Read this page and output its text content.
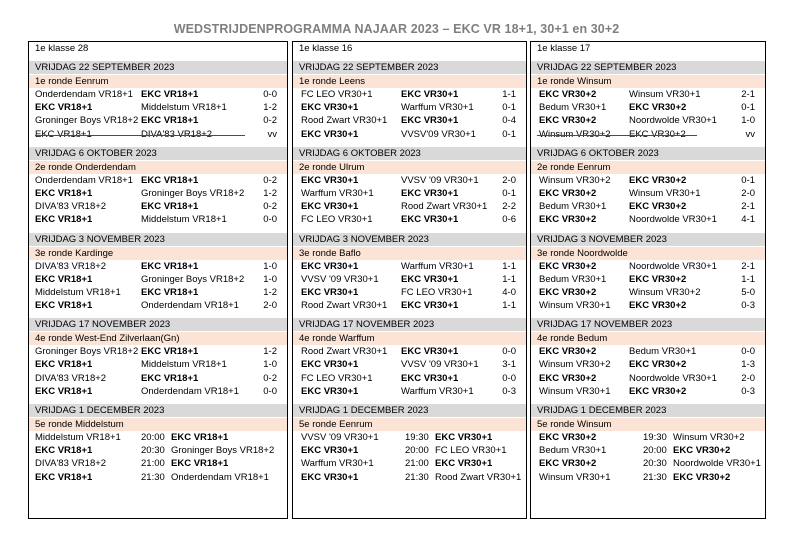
WEDSTRIJDENPROGRAMMA NAJAAR 2023 – EKC VR 18+1, 30+1 en 30+2
1e klasse 28
VRIJDAG 22 SEPTEMBER 2023
1e ronde Eenrum
Onderdendam VR18+1 EKC VR18+1	0-0
EKC VR18+1	Middelstum VR18+1	1-2
Groninger Boys VR18+2 EKC VR18+1	0-2
EKC VR18+1	DIVA'83 VR18+2	vv
VRIJDAG 6 OKTOBER 2023
2e ronde Onderdendam
Onderdendam VR18+1 EKC VR18+1	0-2
EKC VR18+1	Groninger Boys VR18+2 1-2
DIVA'83 VR18+2	EKC VR18+1	0-2
EKC VR18+1	Middelstum VR18+1	0-0
VRIJDAG 3 NOVEMBER 2023
3e ronde Kardinge
DIVA'83 VR18+2	EKC VR18+1	1-0
EKC VR18+1	Groninger Boys VR18+2 1-0
Middelstum VR18+1 EKC VR18+1	1-2
EKC VR18+1	Onderdendam VR18+1	2-0
VRIJDAG 17 NOVEMBER 2023
4e ronde West-End Zilverlaan(Gn)
Groninger Boys VR18+2 EKC VR18+1	1-2
EKC VR18+1	Middelstum VR18+1	1-0
DIVA'83 VR18+2	EKC VR18+1	0-2
EKC VR18+1	Onderdendam VR18+1	0-0
VRIJDAG 1 DECEMBER 2023
5e ronde Middelstum
Middelstum VR18+1 20:00 EKC VR18+1
EKC VR18+1	20:30 Groninger Boys VR18+2
DIVA'83 VR18+2	21:00 EKC VR18+1
EKC VR18+1	21:30 Onderdendam VR18+1
1e klasse 16
VRIJDAG 22 SEPTEMBER 2023
1e ronde Leens
FC LEO VR30+1	EKC VR30+1	1-1
EKC VR30+1	Warffum VR30+1	0-1
Rood Zwart VR30+1 EKC VR30+1	0-4
EKC VR30+1	VVSV'09 VR30+1	0-1
VRIJDAG 6 OKTOBER 2023
2e ronde Ulrum
EKC VR30+1	VVSV '09 VR30+1 2-0
Warffum VR30+1	EKC VR30+1	0-1
EKC VR30+1	Rood Zwart VR30+1 2-2
FC LEO VR30+1	EKC VR30+1	0-6
VRIJDAG 3 NOVEMBER 2023
3e ronde Baflo
EKC VR30+1	Warffum VR30+1	1-1
VVSV '09 VR30+1 EKC VR30+1	1-1
EKC VR30+1	FC LEO VR30+1	4-0
Rood Zwart VR30+1 EKC VR30+1	1-1
VRIJDAG 17 NOVEMBER 2023
4e ronde Warffum
Rood Zwart VR30+1 EKC VR30+1	0-0
EKC VR30+1	VVSV '09 VR30+1 3-1
FC LEO VR30+1	EKC VR30+1	0-0
EKC VR30+1	Warffum VR30+1	0-3
VRIJDAG 1 DECEMBER 2023
5e ronde Eenrum
VVSV '09 VR30+1	19:30 EKC VR30+1
EKC VR30+1	20:00 FC LEO VR30+1
Warffum VR30+1	21:00 EKC VR30+1
EKC VR30+1	21:30 Rood Zwart VR30+1
1e klasse 17
VRIJDAG 22 SEPTEMBER 2023
1e ronde Winsum
EKC VR30+2	Winsum VR30+1	2-1
Bedum VR30+1 EKC VR30+2	0-1
EKC VR30+2	Noordwolde VR30+1	1-0
Winsum VR30+2 EKC VR30+2	vv
VRIJDAG 6 OKTOBER 2023
2e ronde Eenrum
Winsum VR30+2 EKC VR30+2	0-1
EKC VR30+2	Winsum VR30+1	2-0
Bedum VR30+1 EKC VR30+2	2-1
EKC VR30+2	Noordwolde VR30+1	4-1
VRIJDAG 3 NOVEMBER 2023
3e ronde Noordwolde
EKC VR30+2	Noordwolde VR30+1	2-1
Bedum VR30+1 EKC VR30+2	1-1
EKC VR30+2	Winsum VR30+2	5-0
Winsum VR30+1 EKC VR30+2	0-3
VRIJDAG 17 NOVEMBER 2023
4e ronde Bedum
EKC VR30+2	Bedum VR30+1	0-0
Winsum VR30+2 EKC VR30+2	1-3
EKC VR30+2	Noordwolde VR30+1	2-0
Winsum VR30+1 EKC VR30+2	0-3
VRIJDAG 1 DECEMBER 2023
5e ronde Winsum
EKC VR30+2	19:30 Winsum VR30+2
Bedum VR30+1	20:00 EKC VR30+2
EKC VR30+2	20:30 Noordwolde VR30+1
Winsum VR30+1	21:30 EKC VR30+2
